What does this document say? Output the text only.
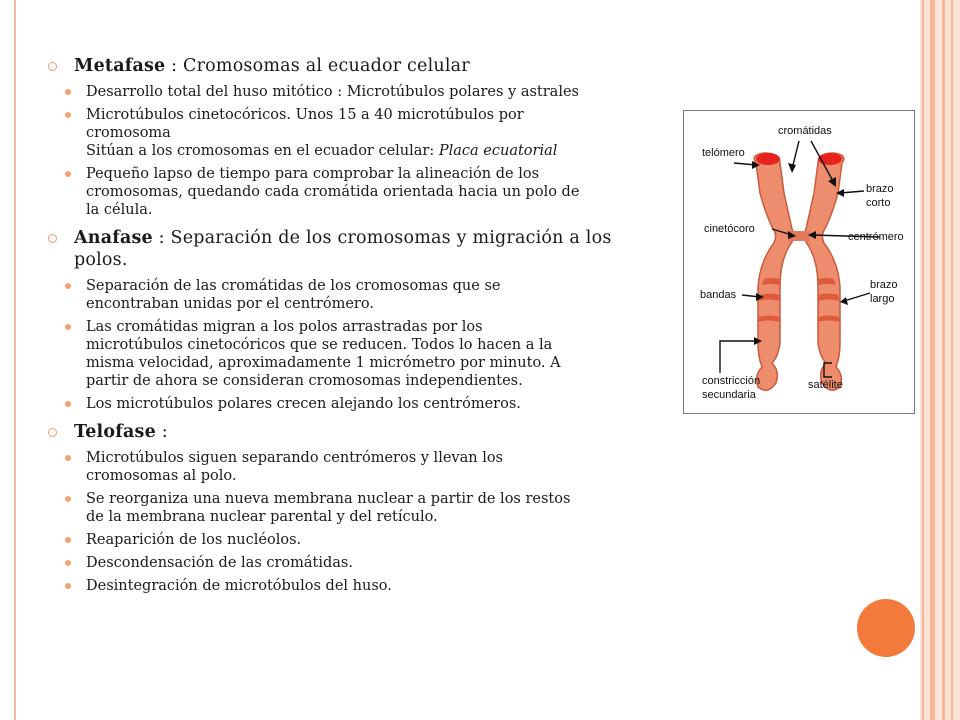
Metafase : Cromosomas al ecuador celular

Desarrollo total del huso mitótico : Microtúbulos polares y astrales
Microtúbulos cinetocóricos. Unos 15 a 40 microtúbulos por
cromosoma
Sitúan a los cromosomas en el ecuador celular: Placa ecuatorial
Pequeño lapso de tiempo para comprobar la alineación de los
cromosomas, quedando cada cromátida orientada hacia un polo de
la célula.

Anafase : Separación de los cromosomas y migración a los
polos.

Separación de las cromátidas de los cromosomas que se
encontraban unidas por el centrómero.
Las cromátidas migran a los polos arrastradas por los
microtúbulos cinetocóricos que se reducen. Todos lo hacen a la
misma velocidad, aproximadamente 1 micrómetro por minuto. A
partir de ahora se consideran cromosomas independientes.
Los microtúbulos polares crecen alejando los centrómeros.

Telofase :

Microtúbulos siguen separando centrómeros y llevan los
cromosomas al polo.
Se reorganiza una nueva membrana nuclear a partir de los restos
de la membrana nuclear parental y del retículo.
Reaparición de los nucléolos.
Descondensación de las cromátidas.
Desintegración de microtóbulos del huso.
cromátidas
telómero
brazo
corto
cinetócoro
centrómero
brazo
largo
bandas
constricción
secundaria
satélite
